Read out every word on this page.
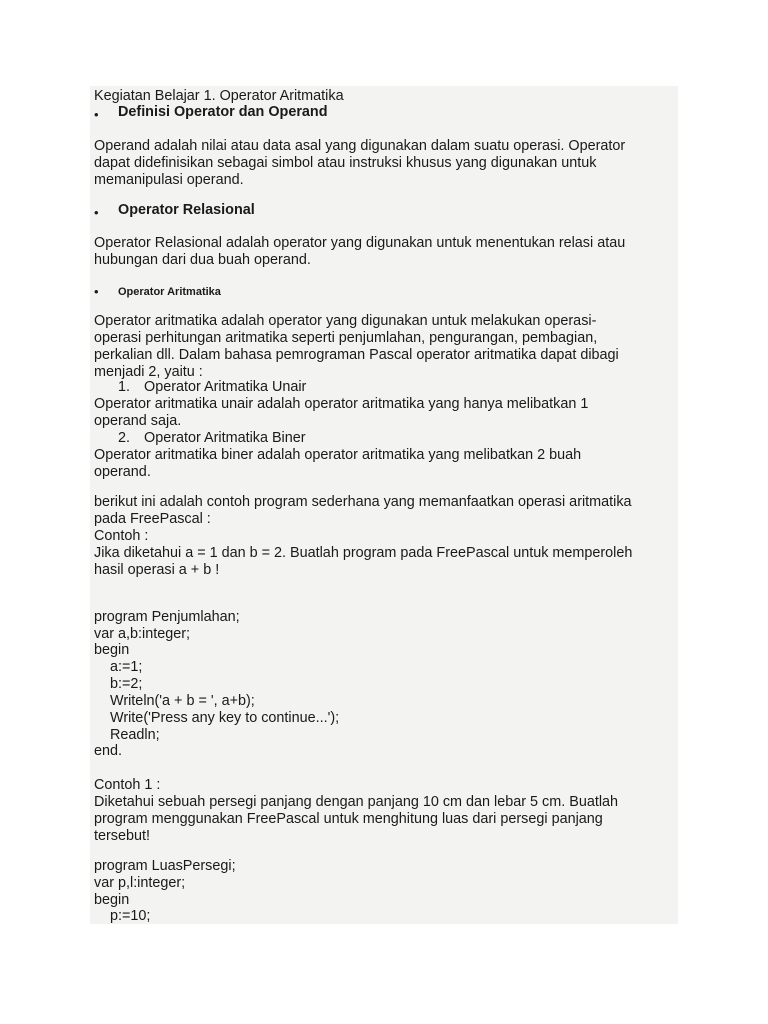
Kegiatan Belajar 1. Operator Aritmatika
• Definisi Operator dan Operand
Operand adalah nilai atau data asal yang digunakan dalam suatu operasi. Operator
dapat didefinisikan sebagai simbol atau instruksi khusus yang digunakan untuk
memanipulasi operand.
• Operator Relasional
Operator Relasional adalah operator yang digunakan untuk menentukan relasi atau
hubungan dari dua buah operand.
• Operator Aritmatika
Operator aritmatika adalah operator yang digunakan untuk melakukan operasi-
operasi perhitungan aritmatika seperti penjumlahan, pengurangan, pembagian,
perkalian dll. Dalam bahasa pemrograman Pascal operator aritmatika dapat dibagi
menjadi 2, yaitu :
1. Operator Aritmatika Unair
Operator aritmatika unair adalah operator aritmatika yang hanya melibatkan 1
operand saja.
2. Operator Aritmatika Biner
Operator aritmatika biner adalah operator aritmatika yang melibatkan 2 buah
operand.
berikut ini adalah contoh program sederhana yang memanfaatkan operasi aritmatika
pada FreePascal :
Contoh :
Jika diketahui a = 1 dan b = 2. Buatlah program pada FreePascal untuk memperoleh
hasil operasi a + b !
program Penjumlahan;
var a,b:integer;
begin
a:=1;
b:=2;
Writeln('a + b = ', a+b);
Write('Press any key to continue...');
Readln;
end.
Contoh 1 :
Diketahui sebuah persegi panjang dengan panjang 10 cm dan lebar 5 cm. Buatlah
program menggunakan FreePascal untuk menghitung luas dari persegi panjang
tersebut!
program LuasPersegi;
var p,l:integer;
begin
p:=10;
